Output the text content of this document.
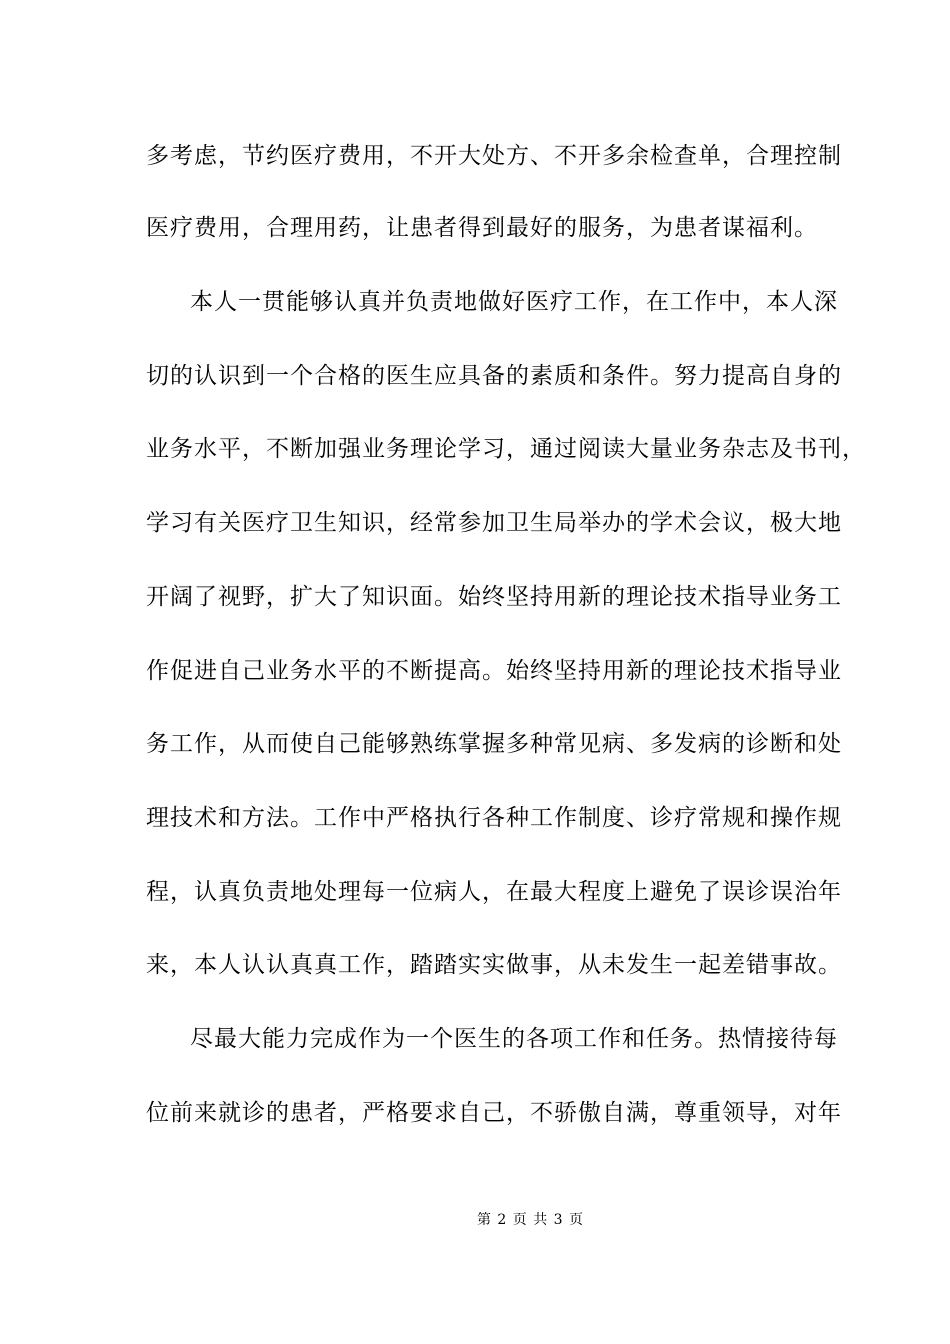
多考虑，节约医疗费用，不开大处方、不开多余检查单，合理控制
医疗费用，合理用药，让患者得到最好的服务，为患者谋福利。
本人一贯能够认真并负责地做好医疗工作，在工作中，本人深
切的认识到一个合格的医生应具备的素质和条件。努力提高自身的
业务水平，不断加强业务理论学习，通过阅读大量业务杂志及书刊，
学习有关医疗卫生知识，经常参加卫生局举办的学术会议，极大地
开阔了视野，扩大了知识面。始终坚持用新的理论技术指导业务工
作促进自己业务水平的不断提高。始终坚持用新的理论技术指导业
务工作，从而使自己能够熟练掌握多种常见病、多发病的诊断和处
理技术和方法。工作中严格执行各种工作制度、诊疗常规和操作规
程，认真负责地处理每一位病人，在最大程度上避免了误诊误治年
来，本人认认真真工作，踏踏实实做事，从未发生一起差错事故。
尽最大能力完成作为一个医生的各项工作和任务。热情接待每
位前来就诊的患者，严格要求自己，不骄傲自满，尊重领导，对年
第 2 页 共 3 页
